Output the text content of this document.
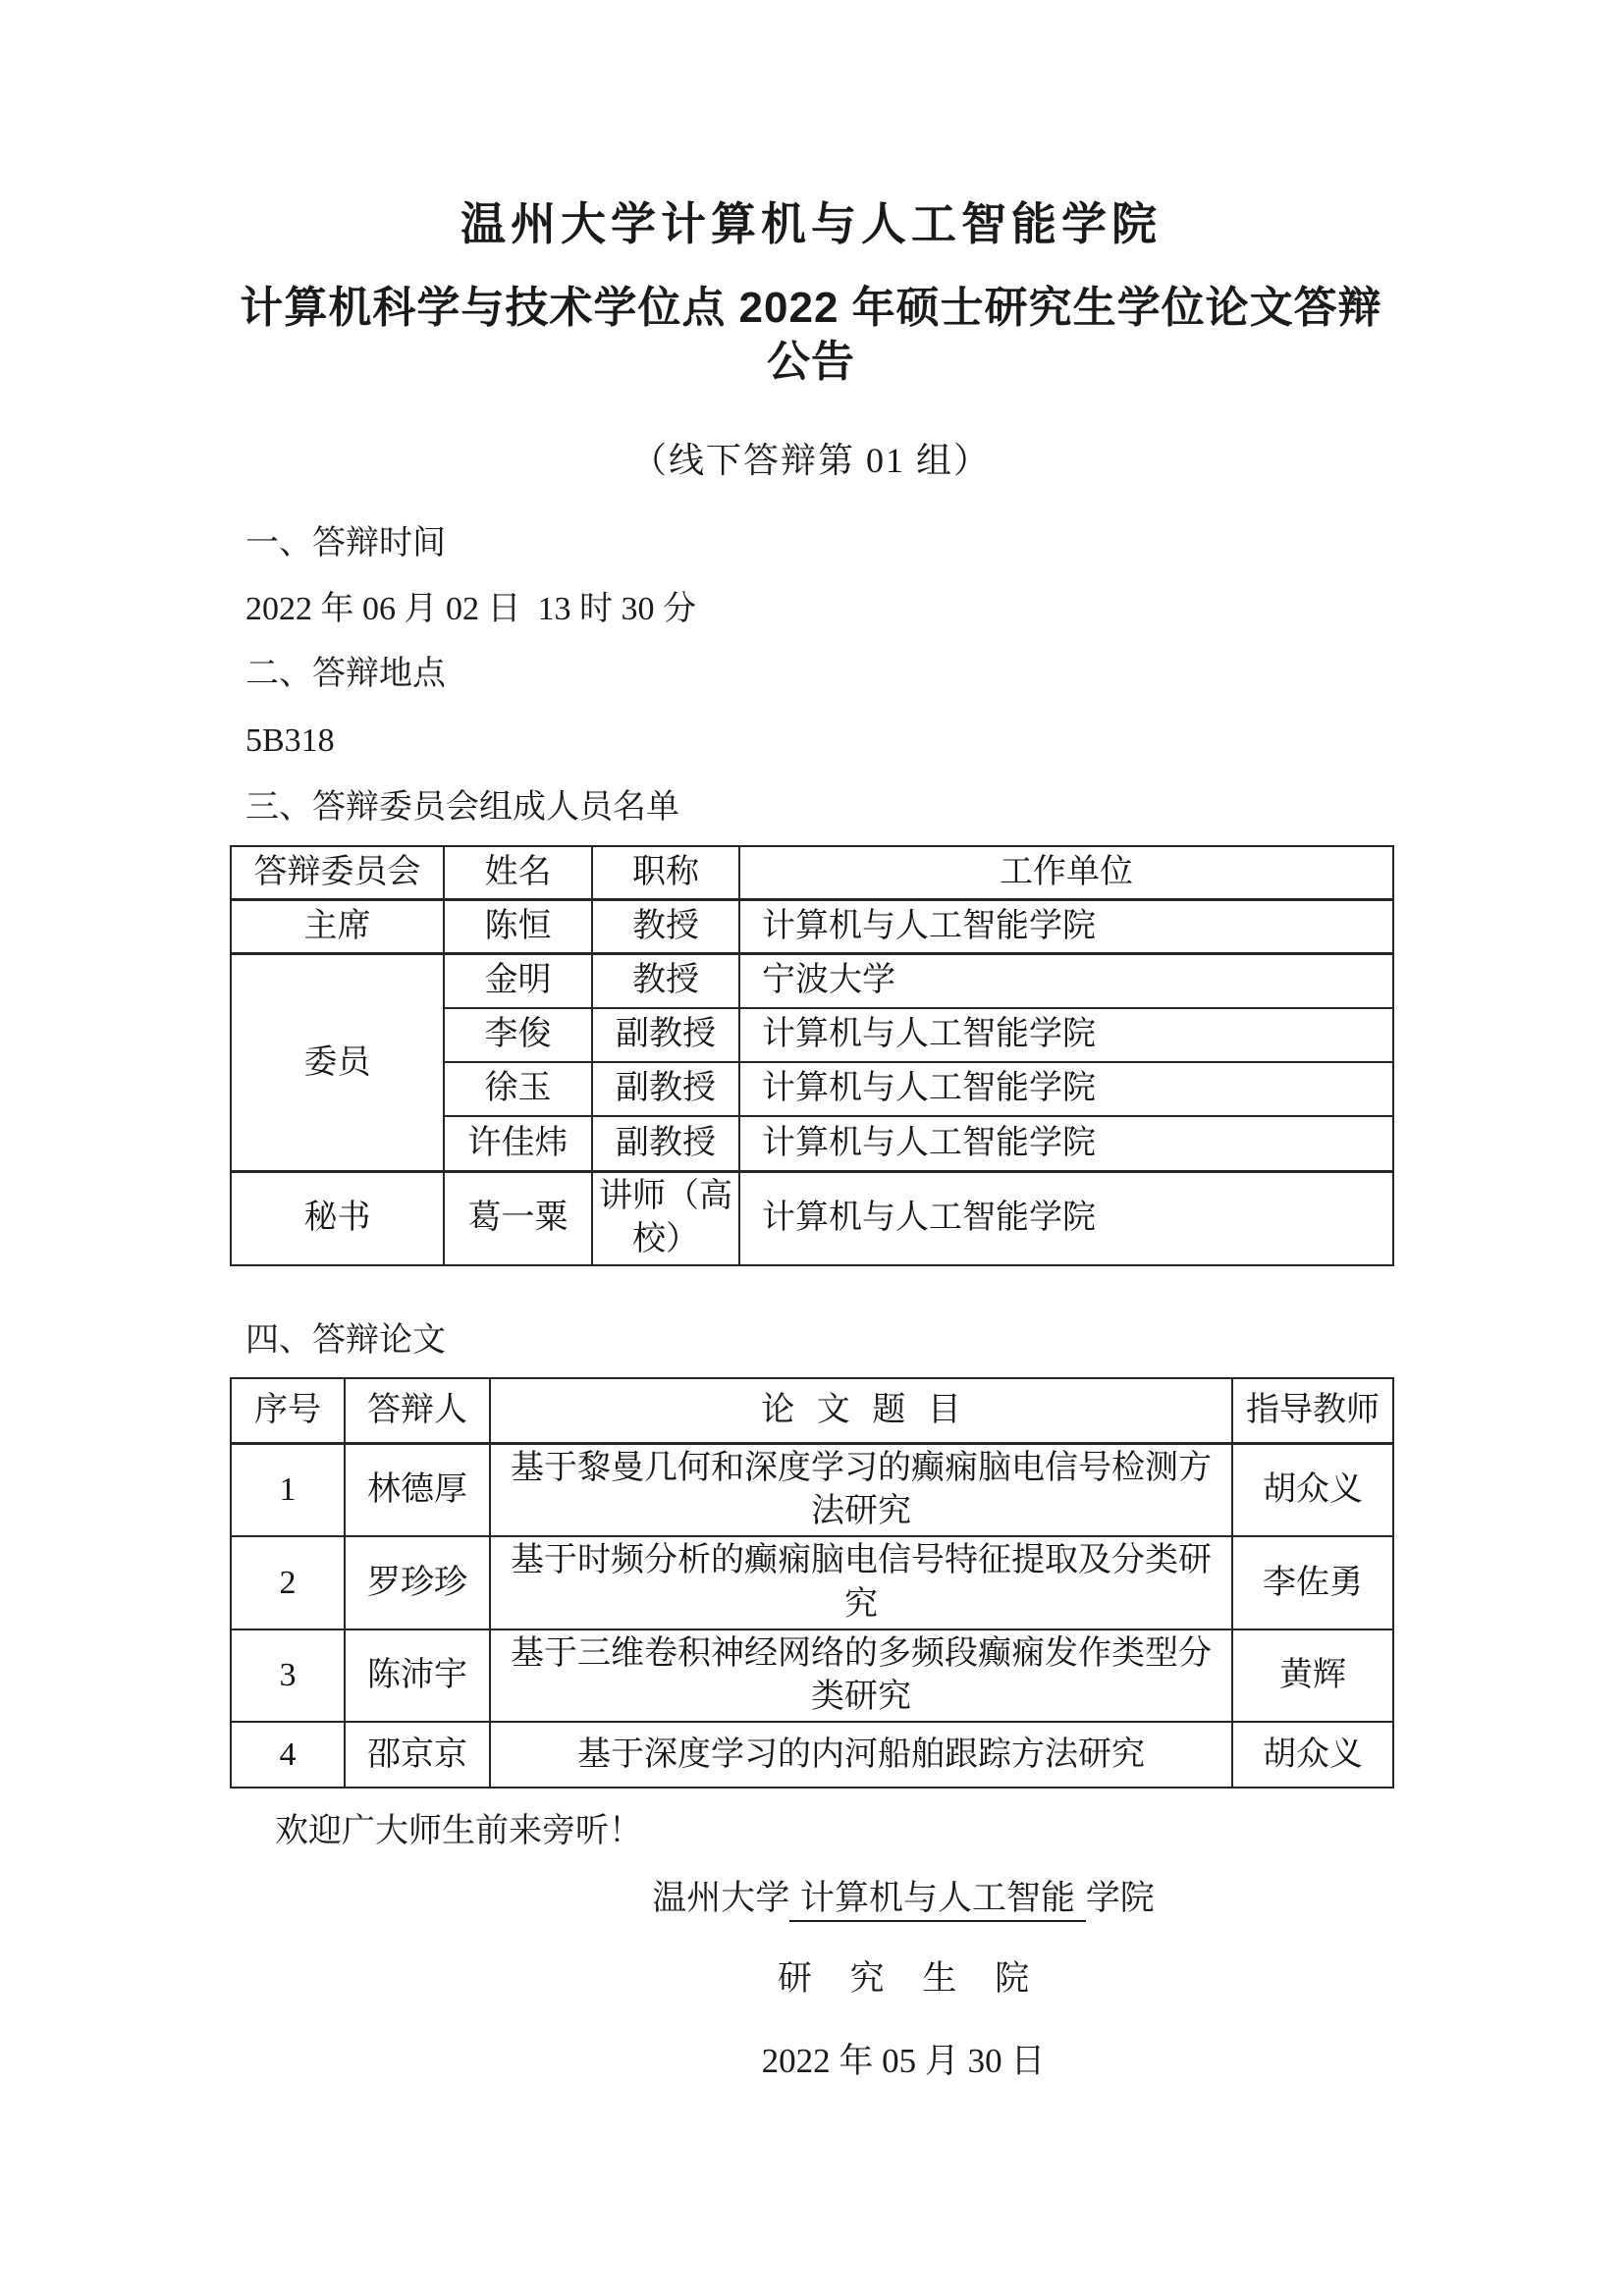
温州大学计算机与人工智能学院
计算机科学与技术学位点 2022 年硕士研究生学位论文答辩公告
（线下答辩第 01 组）
一、答辩时间
2022 年 06 月 02 日  13 时 30 分
二、答辩地点
5B318
三、答辩委员会组成人员名单
答辩委员会	姓名	职称	工作单位
主席	陈恒	教授	计算机与人工智能学院
委员	金明	教授	宁波大学
	李俊	副教授	计算机与人工智能学院
	徐玉	副教授	计算机与人工智能学院
	许佳炜	副教授	计算机与人工智能学院
秘书	葛一粟	讲师（高校）	计算机与人工智能学院
四、答辩论文
序号	答辩人	论 文 题 目	指导教师
1	林德厚	基于黎曼几何和深度学习的癫痫脑电信号检测方法研究	胡众义
2	罗珍珍	基于时频分析的癫痫脑电信号特征提取及分类研究	李佐勇
3	陈沛宇	基于三维卷积神经网络的多频段癫痫发作类型分类研究	黄辉
4	邵京京	基于深度学习的内河船舶跟踪方法研究	胡众义
欢迎广大师生前来旁听！
温州大学 计算机与人工智能 学院
研 究 生 院
2022 年 05 月 30 日
